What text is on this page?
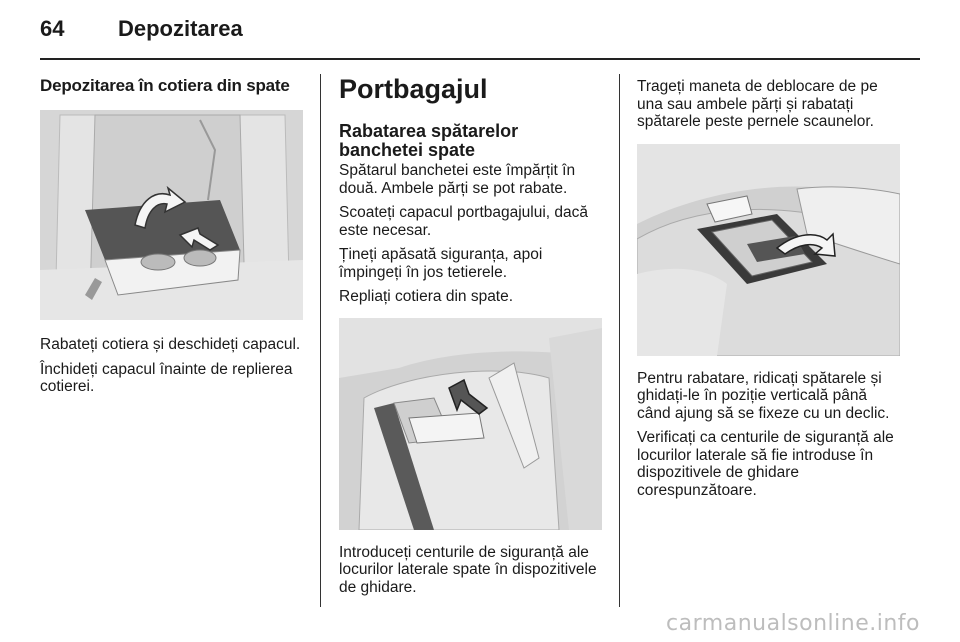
64 Depozitarea
Depozitarea în cotiera din spate

Rabateți cotiera și deschideți capacul.

Închideți capacul înainte de replierea cotierei.

Portbagajul
Rabatarea spătarelor banchetei spate

Spătarul banchetei este împărțit în două. Ambele părți se pot rabate.

Scoateți capacul portbagajului, dacă este necesar.

Țineți apăsată siguranța, apoi împingeți în jos tetierele.

Repliați cotiera din spate.

Introduceți centurile de siguranță ale locurilor laterale spate în dispozitivele de ghidare.

Trageți maneta de deblocare de pe una sau ambele părți și rabatați spătarele peste pernele scaunelor.

Pentru rabatare, ridicați spătarele și ghidați-le în poziție verticală până când ajung să se fixeze cu un declic.

Verificați ca centurile de siguranță ale locurilor laterale să fie introduse în dispozitivele de ghidare corespunzătoare.

carmanualsonline.info
